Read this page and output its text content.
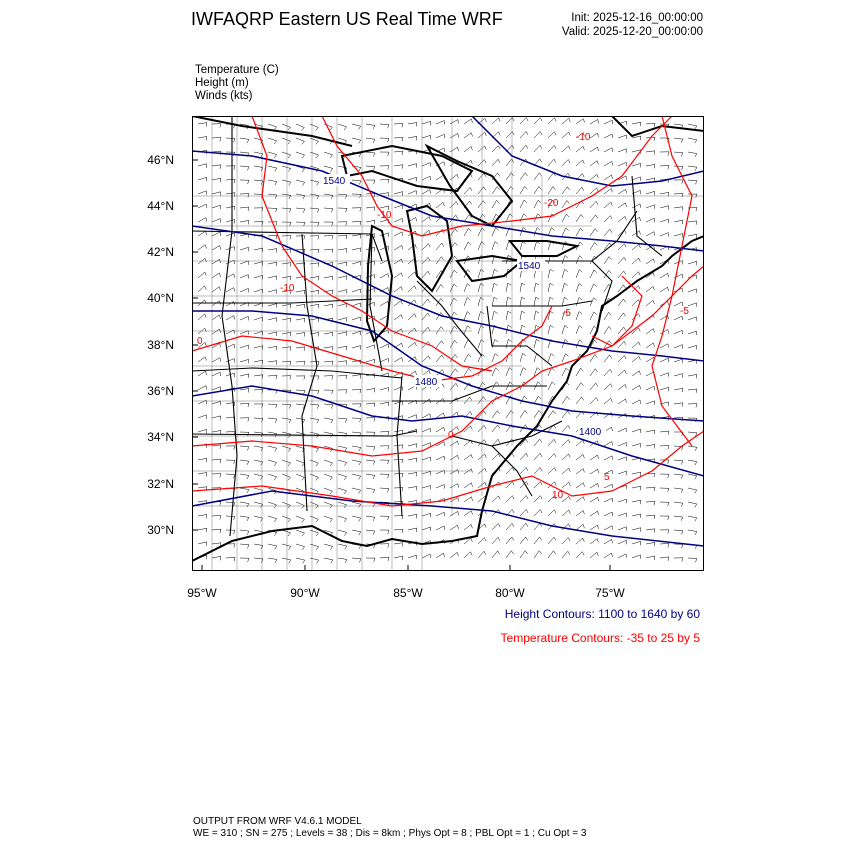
IWFAQRP Eastern US Real Time WRF	Init: 2025-12-16_00:00:00
Valid: 2025-12-20_00:00:00
Temperature (C)
Height (m)
Winds (kts)
46°N
44°N
42°N
40°N
38°N
36°N
34°N
32°N
30°N
95°W	90°W	85°W	80°W	75°W
1540
1540
1480
1400
-10
-20
-10
-10
-5
0
-5
0
5
10
Height Contours: 1100 to 1640 by 60
Temperature Contours: -35 to 25 by 5
OUTPUT FROM WRF V4.6.1 MODEL
WE = 310 ; SN = 275 ; Levels = 38 ; Dis = 8km ; Phys Opt = 8 ; PBL Opt = 1 ; Cu Opt = 3
